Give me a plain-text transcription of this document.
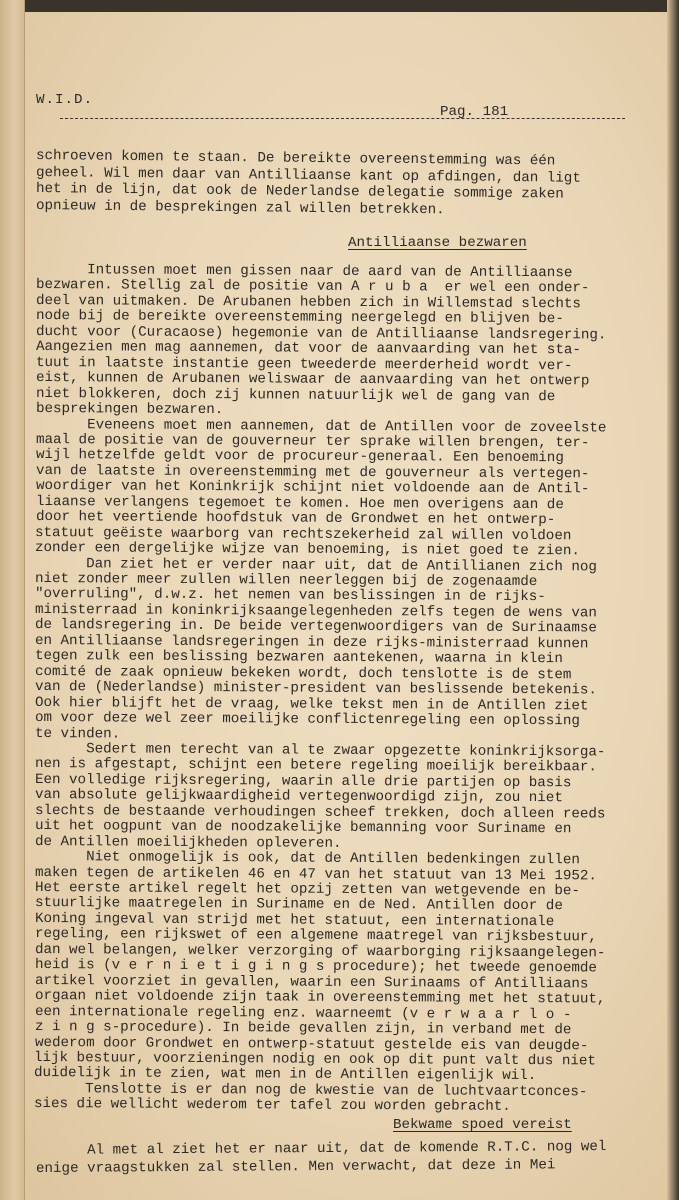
W.I.D.
Pag. 181
schroeven komen te staan. De bereikte overeenstemming was één
geheel. Wil men daar van Antilliaanse kant op afdingen, dan ligt
het in de lijn, dat ook de Nederlandse delegatie sommige zaken
opnieuw in de besprekingen zal willen betrekken.
Antilliaanse bezwaren
Intussen moet men gissen naar de aard van de Antilliaanse
bezwaren. Stellig zal de positie van A r u b a  er wel een onder-
deel van uitmaken. De Arubanen hebben zich in Willemstad slechts
node bij de bereikte overeenstemming neergelegd en blijven be-
ducht voor (Curacaose) hegemonie van de Antilliaanse landsregering.
Aangezien men mag aannemen, dat voor de aanvaarding van het sta-
tuut in laatste instantie geen tweederde meerderheid wordt ver-
eist, kunnen de Arubanen weliswaar de aanvaarding van het ontwerp
niet blokkeren, doch zij kunnen natuurlijk wel de gang van de
besprekingen bezwaren.
Eveneens moet men aannemen, dat de Antillen voor de zoveelste
maal de positie van de gouverneur ter sprake willen brengen, ter-
wijl hetzelfde geldt voor de procureur-generaal. Een benoeming
van de laatste in overeenstemming met de gouverneur als vertegen-
woordiger van het Koninkrijk schijnt niet voldoende aan de Antil-
liaanse verlangens tegemoet te komen. Hoe men overigens aan de
door het veertiende hoofdstuk van de Grondwet en het ontwerp-
statuut geëiste waarborg van rechtszekerheid zal willen voldoen
zonder een dergelijke wijze van benoeming, is niet goed te zien.
Dan ziet het er verder naar uit, dat de Antillianen zich nog
niet zonder meer zullen willen neerleggen bij de zogenaamde
"overruling", d.w.z. het nemen van beslissingen in de rijks-
ministerraad in koninkrijksaangelegenheden zelfs tegen de wens van
de landsregering in. De beide vertegenwoordigers van de Surinaamse
en Antilliaanse landsregeringen in deze rijks-ministerraad kunnen
tegen zulk een beslissing bezwaren aantekenen, waarna in klein
comité de zaak opnieuw bekeken wordt, doch tenslotte is de stem
van de (Nederlandse) minister-president van beslissende betekenis.
Ook hier blijft het de vraag, welke tekst men in de Antillen ziet
om voor deze wel zeer moeilijke conflictenregeling een oplossing
te vinden.
Sedert men terecht van al te zwaar opgezette koninkrijksorga-
nen is afgestapt, schijnt een betere regeling moeilijk bereikbaar.
Een volledige rijksregering, waarin alle drie partijen op basis
van absolute gelijkwaardigheid vertegenwoordigd zijn, zou niet
slechts de bestaande verhoudingen scheef trekken, doch alleen reeds
uit het oogpunt van de noodzakelijke bemanning voor Suriname en
de Antillen moeilijkheden opleveren.
Niet onmogelijk is ook, dat de Antillen bedenkingen zullen
maken tegen de artikelen 46 en 47 van het statuut van 13 Mei 1952.
Het eerste artikel regelt het opzij zetten van wetgevende en be-
stuurlijke maatregelen in Suriname en de Ned. Antillen door de
Koning ingeval van strijd met het statuut, een internationale
regeling, een rijkswet of een algemene maatregel van rijksbestuur,
dan wel belangen, welker verzorging of waarborging rijksaangelegen-
heid is (v e r n i e t i g i n g s procedure); het tweede genoemde
artikel voorziet in gevallen, waarin een Surinaams of Antilliaans
orgaan niet voldoende zijn taak in overeenstemming met het statuut,
een internationale regeling enz. waarneemt (v e r w a a r l o -
z i n g s-procedure). In beide gevallen zijn, in verband met de
wederom door Grondwet en ontwerp-statuut gestelde eis van deugde-
lijk bestuur, voorzieningen nodig en ook op dit punt valt dus niet
duidelijk in te zien, wat men in de Antillen eigenlijk wil.
Tenslotte is er dan nog de kwestie van de luchtvaartconces-
sies die wellicht wederom ter tafel zou worden gebracht.
Bekwame spoed vereist
Al met al ziet het er naar uit, dat de komende R.T.C. nog wel
enige vraagstukken zal stellen. Men verwacht, dat deze in Mei
